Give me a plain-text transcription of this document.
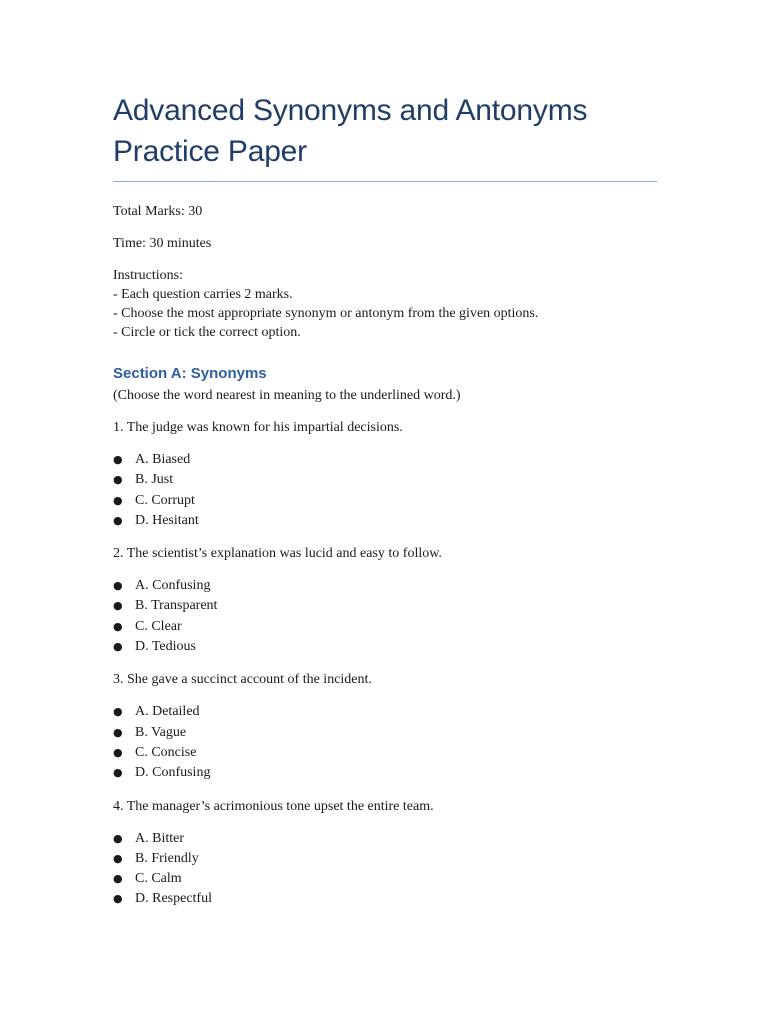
Advanced Synonyms and Antonyms
Practice Paper
Total Marks: 30
Time: 30 minutes
Instructions:
- Each question carries 2 marks.
- Choose the most appropriate synonym or antonym from the given options.
- Circle or tick the correct option.
Section A: Synonyms
(Choose the word nearest in meaning to the underlined word.)
1. The judge was known for his impartial decisions.
● A. Biased
● B. Just
● C. Corrupt
● D. Hesitant
2. The scientist’s explanation was lucid and easy to follow.
● A. Confusing
● B. Transparent
● C. Clear
● D. Tedious
3. She gave a succinct account of the incident.
● A. Detailed
● B. Vague
● C. Concise
● D. Confusing
4. The manager’s acrimonious tone upset the entire team.
● A. Bitter
● B. Friendly
● C. Calm
● D. Respectful
